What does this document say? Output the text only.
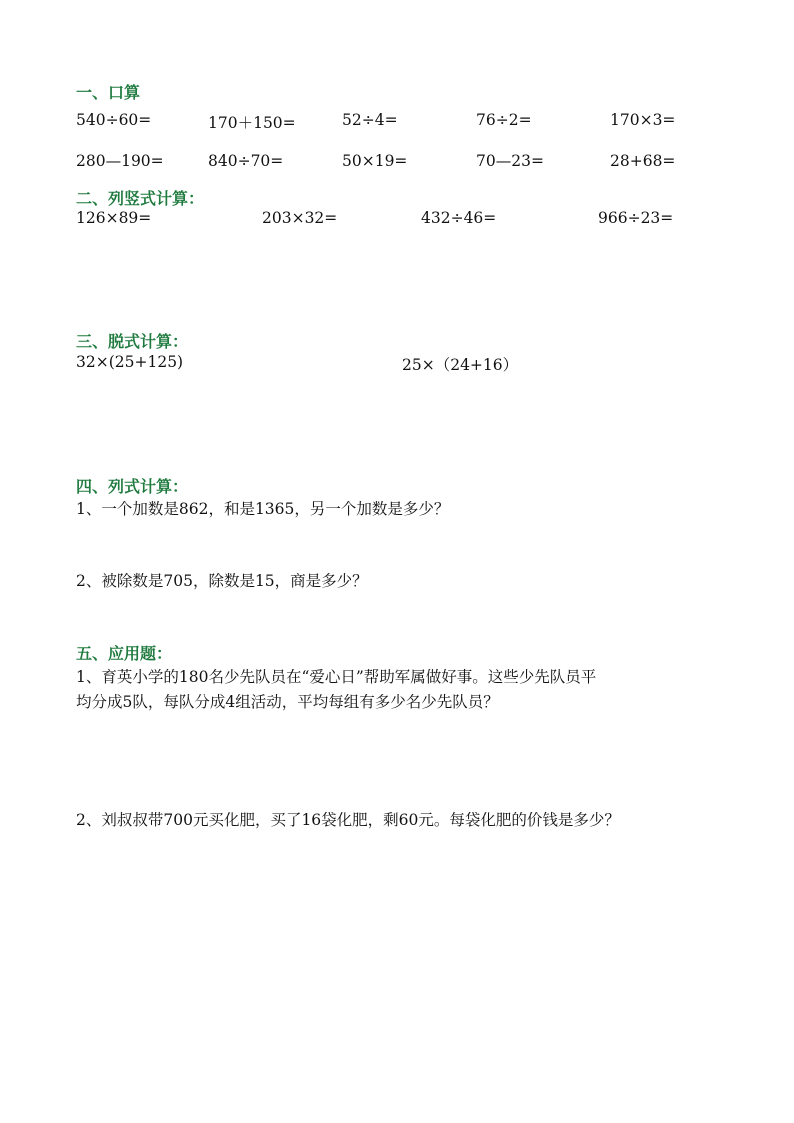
一、口算
540÷60=	170＋150=	52÷4=	76÷2=	170×3=
280—190=	840÷70=	50×19=	70—23=	28+68=
二、列竖式计算：
126×89=	203×32=	432÷46=	966÷23=
三、脱式计算：
32×(25+125)	25×（24+16）
四、列式计算：
1、一个加数是862，和是1365，另一个加数是多少？
2、被除数是705，除数是15，商是多少？
五、应用题：
1、育英小学的180名少先队员在“爱心日”帮助军属做好事。这些少先队员平
均分成5队，每队分成4组活动，平均每组有多少名少先队员？
2、刘叔叔带700元买化肥，买了16袋化肥，剩60元。每袋化肥的价钱是多少？
